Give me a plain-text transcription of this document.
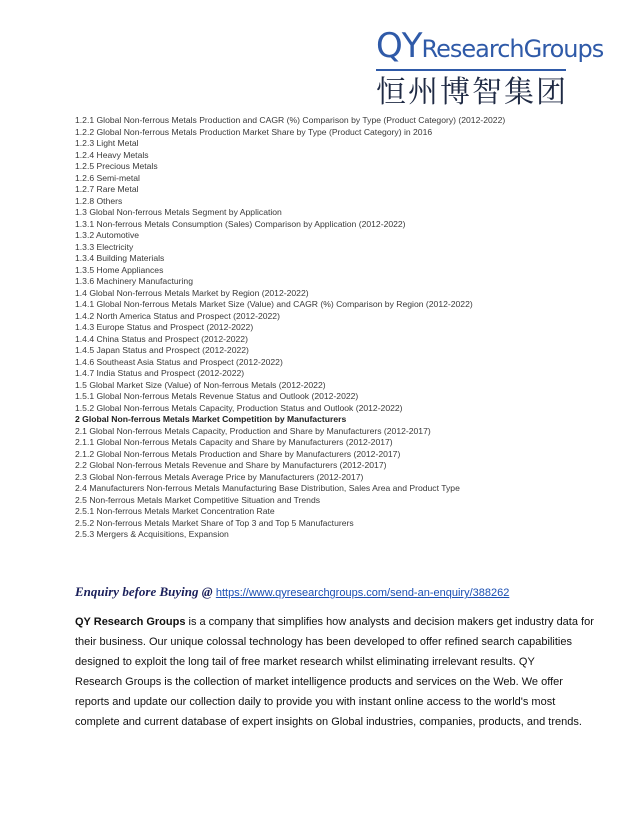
QYResearchGroups
恒州博智集团
1.2.1 Global Non-ferrous Metals Production and CAGR (%) Comparison by Type (Product Category) (2012-2022)
1.2.2 Global Non-ferrous Metals Production Market Share by Type (Product Category) in 2016
1.2.3 Light Metal
1.2.4 Heavy Metals
1.2.5 Precious Metals
1.2.6 Semi-metal
1.2.7 Rare Metal
1.2.8 Others
1.3 Global Non-ferrous Metals Segment by Application
1.3.1 Non-ferrous Metals Consumption (Sales) Comparison by Application (2012-2022)
1.3.2 Automotive
1.3.3 Electricity
1.3.4 Building Materials
1.3.5 Home Appliances
1.3.6 Machinery Manufacturing
1.4 Global Non-ferrous Metals Market by Region (2012-2022)
1.4.1 Global Non-ferrous Metals Market Size (Value) and CAGR (%) Comparison by Region (2012-2022)
1.4.2 North America Status and Prospect (2012-2022)
1.4.3 Europe Status and Prospect (2012-2022)
1.4.4 China Status and Prospect (2012-2022)
1.4.5 Japan Status and Prospect (2012-2022)
1.4.6 Southeast Asia Status and Prospect (2012-2022)
1.4.7 India Status and Prospect (2012-2022)
1.5 Global Market Size (Value) of Non-ferrous Metals (2012-2022)
1.5.1 Global Non-ferrous Metals Revenue Status and Outlook (2012-2022)
1.5.2 Global Non-ferrous Metals Capacity, Production Status and Outlook (2012-2022)
2 Global Non-ferrous Metals Market Competition by Manufacturers
2.1 Global Non-ferrous Metals Capacity, Production and Share by Manufacturers (2012-2017)
2.1.1 Global Non-ferrous Metals Capacity and Share by Manufacturers (2012-2017)
2.1.2 Global Non-ferrous Metals Production and Share by Manufacturers (2012-2017)
2.2 Global Non-ferrous Metals Revenue and Share by Manufacturers (2012-2017)
2.3 Global Non-ferrous Metals Average Price by Manufacturers (2012-2017)
2.4 Manufacturers Non-ferrous Metals Manufacturing Base Distribution, Sales Area and Product Type
2.5 Non-ferrous Metals Market Competitive Situation and Trends
2.5.1 Non-ferrous Metals Market Concentration Rate
2.5.2 Non-ferrous Metals Market Share of Top 3 and Top 5 Manufacturers
2.5.3 Mergers & Acquisitions, Expansion
Enquiry before Buying @ https://www.qyresearchgroups.com/send-an-enquiry/388262
QY Research Groups is a company that simplifies how analysts and decision makers get industry data for
their business. Our unique colossal technology has been developed to offer refined search capabilities
designed to exploit the long tail of free market research whilst eliminating irrelevant results. QY
Research Groups is the collection of market intelligence products and services on the Web. We offer
reports and update our collection daily to provide you with instant online access to the world's most
complete and current database of expert insights on Global industries, companies, products, and trends.
